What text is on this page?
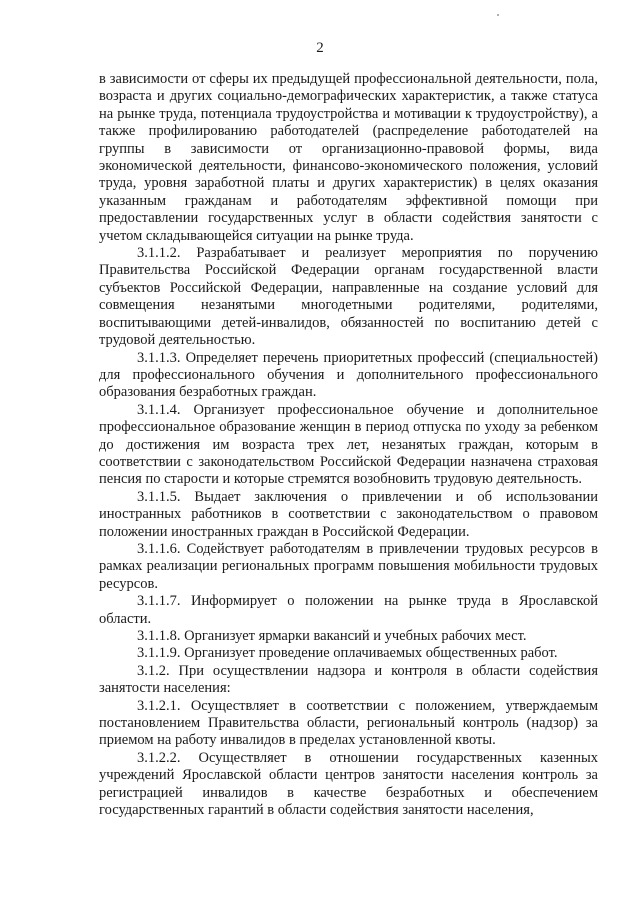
2

в зависимости от сферы их предыдущей профессиональной деятельности, пола, возраста и других социально-демографических характеристик, а также статуса на рынке труда, потенциала трудоустройства и мотивации к трудоустройству), а также профилированию работодателей (распределение работодателей на группы в зависимости от организационно-правовой формы, вида экономической деятельности, финансово-экономического положения, условий труда, уровня заработной платы и других характеристик) в целях оказания указанным гражданам и работодателям эффективной помощи при предоставлении государственных услуг в области содействия занятости с учетом складывающейся ситуации на рынке труда.

3.1.1.2. Разрабатывает и реализует мероприятия по поручению Правительства Российской Федерации органам государственной власти субъектов Российской Федерации, направленные на создание условий для совмещения незанятыми многодетными родителями, родителями, воспитывающими детей-инвалидов, обязанностей по воспитанию детей с трудовой деятельностью.

3.1.1.3. Определяет перечень приоритетных профессий (специальностей) для профессионального обучения и дополнительного профессионального образования безработных граждан.

3.1.1.4. Организует профессиональное обучение и дополнительное профессиональное образование женщин в период отпуска по уходу за ребенком до достижения им возраста трех лет, незанятых граждан, которым в соответствии с законодательством Российской Федерации назначена страховая пенсия по старости и которые стремятся возобновить трудовую деятельность.

3.1.1.5. Выдает заключения о привлечении и об использовании иностранных работников в соответствии с законодательством о правовом положении иностранных граждан в Российской Федерации.

3.1.1.6. Содействует работодателям в привлечении трудовых ресурсов в рамках реализации региональных программ повышения мобильности трудовых ресурсов.

3.1.1.7. Информирует о положении на рынке труда в Ярославской области.

3.1.1.8. Организует ярмарки вакансий и учебных рабочих мест.

3.1.1.9. Организует проведение оплачиваемых общественных работ.

3.1.2. При осуществлении надзора и контроля в области содействия занятости населения:

3.1.2.1. Осуществляет в соответствии с положением, утверждаемым постановлением Правительства области, региональный контроль (надзор) за приемом на работу инвалидов в пределах установленной квоты.

3.1.2.2. Осуществляет в отношении государственных казенных учреждений Ярославской области центров занятости населения контроль за регистрацией инвалидов в качестве безработных и обеспечением государственных гарантий в области содействия занятости населения,
